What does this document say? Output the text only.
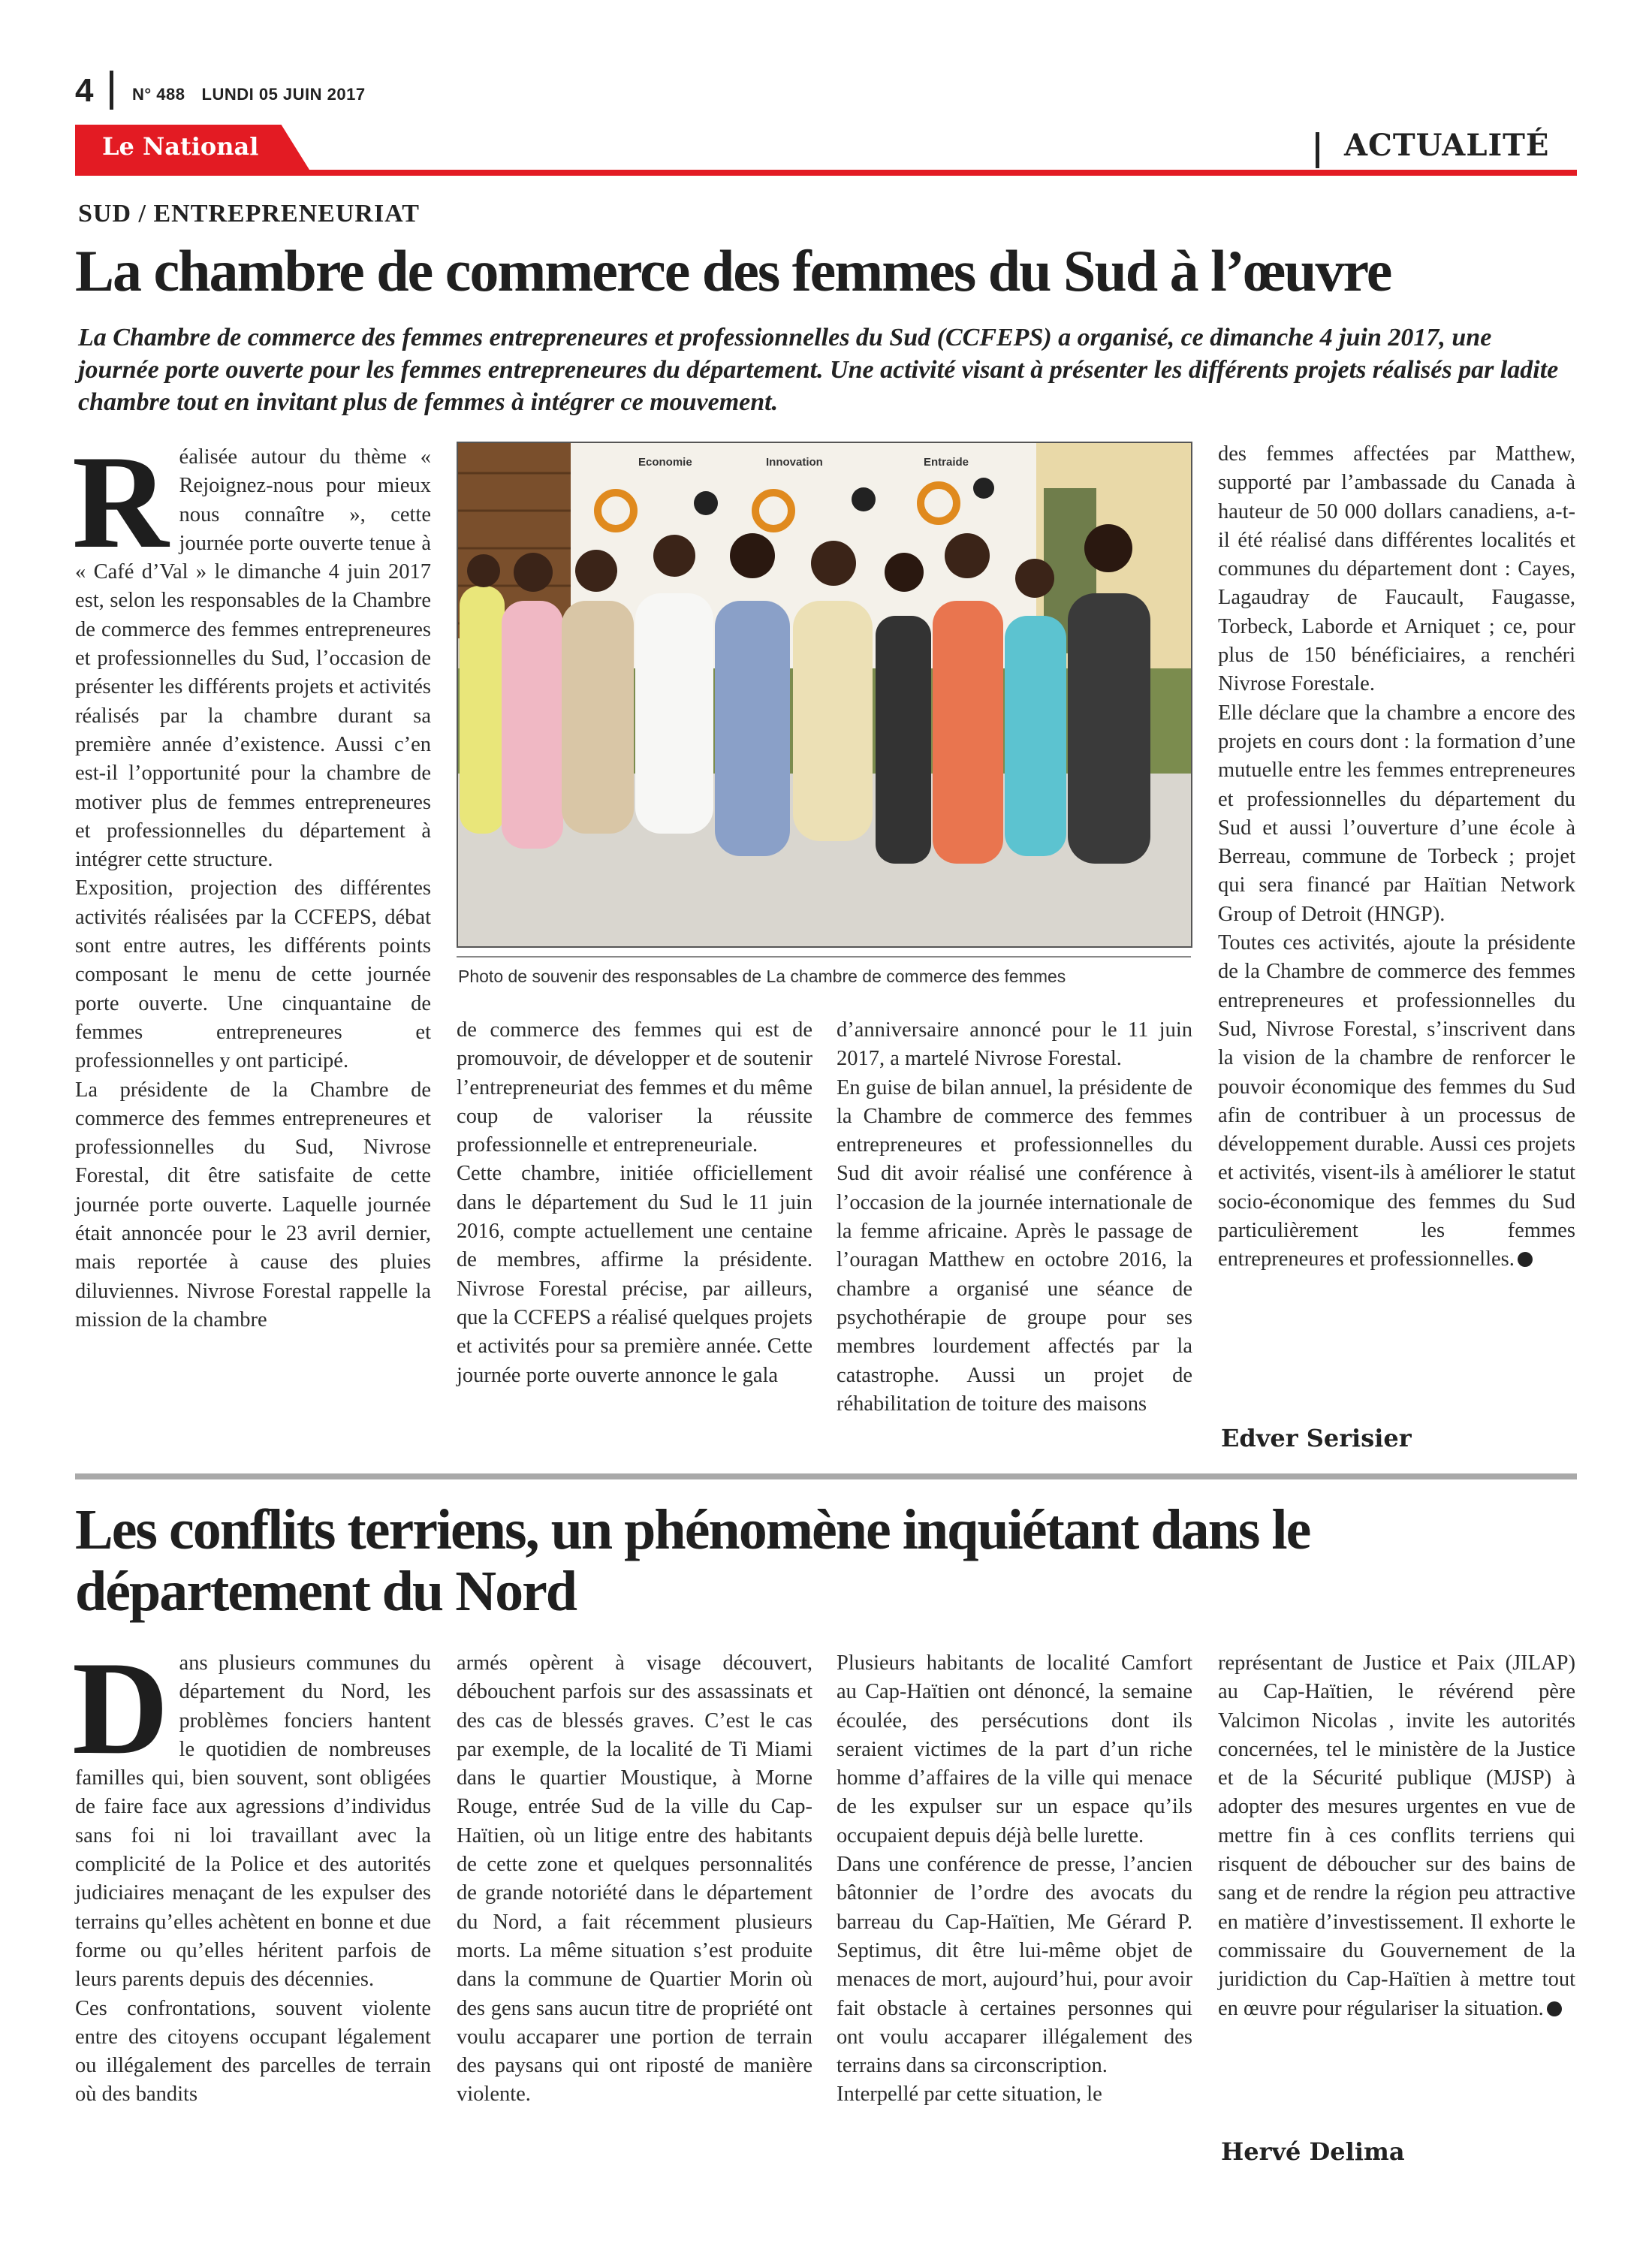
4 N° 488 LUNDI 05 JUIN 2017
Le National	ACTUALITÉ
SUD / ENTREPRENEURIAT
La chambre de commerce des femmes du Sud à l’œuvre
La Chambre de commerce des femmes entrepreneures et professionnelles du Sud (CCFEPS) a organisé, ce dimanche 4 juin 2017, une journée porte ouverte pour les femmes entrepreneures du département. Une activité visant à présenter les différents projets réalisés par ladite chambre tout en invitant plus de femmes à intégrer ce mouvement.
R éalisée autour du thème « Rejoignez-nous pour mieux nous connaître », cette journée porte ouverte tenue à « Café d’Val » le dimanche 4 juin 2017 est, selon les responsables de la Chambre de commerce des femmes entrepreneures et professionnelles du Sud, l’occasion de présenter les différents projets et activités réalisés par la chambre durant sa première année d’existence. Aussi c’en est-il l’opportunité pour la chambre de motiver plus de femmes entrepreneures et professionnelles du département à intégrer cette structure.

Exposition, projection des différentes activités réalisées par la CCFEPS, débat sont entre autres, les différents points composant le menu de cette journée porte ouverte. Une cinquantaine de femmes entrepreneures et professionnelles y ont participé.

La présidente de la Chambre de commerce des femmes entrepreneures et professionnelles du Sud, Nivrose Forestal, dit être satisfaite de cette journée porte ouverte. Laquelle journée était annoncée pour le 23 avril dernier, mais reportée à cause des pluies diluviennes. Nivrose Forestal rappelle la mission de la chambre

Economie	Innovation	Entraide
Photo de souvenir des responsables de La chambre de commerce des femmes

de commerce des femmes qui est de promouvoir, de développer et de soutenir l’entrepreneuriat des femmes et du même coup de valoriser la réussite professionnelle et entrepreneuriale.

Cette chambre, initiée officiellement dans le département du Sud le 11 juin 2016, compte actuellement une centaine de membres, affirme la présidente. Nivrose Forestal précise, par ailleurs, que la CCFEPS a réalisé quelques projets et activités pour sa première année. Cette journée porte ouverte annonce le gala

d’anniversaire annoncé pour le 11 juin 2017, a martelé Nivrose Forestal.

En guise de bilan annuel, la présidente de la Chambre de commerce des femmes entrepreneures et professionnelles du Sud dit avoir réalisé une conférence à l’occasion de la journée internationale de la femme africaine. Après le passage de l’ouragan Matthew en octobre 2016, la chambre a organisé une séance de psychothérapie de groupe pour ses membres lourdement affectés par la catastrophe. Aussi un projet de réhabilitation de toiture des maisons

des femmes affectées par Matthew, supporté par l’ambassade du Canada à hauteur de 50 000 dollars canadiens, a-t-il été réalisé dans différentes localités et communes du département dont : Cayes, Lagaudray de Faucault, Faugasse, Torbeck, Laborde et Arniquet ; ce, pour plus de 150 bénéficiaires, a renchéri Nivrose Forestale.

Elle déclare que la chambre a encore des projets en cours dont : la formation d’une mutuelle entre les femmes entrepreneures et professionnelles du département du Sud et aussi l’ouverture d’une école à Berreau, commune de Torbeck ; projet qui sera financé par Haïtian Network Group of Detroit (HNGP).

Toutes ces activités, ajoute la présidente de la Chambre de commerce des femmes entrepreneures et professionnelles du Sud, Nivrose Forestal, s’inscrivent dans la vision de la chambre de renforcer le pouvoir économique des femmes du Sud afin de contribuer à un processus de développement durable. Aussi ces projets et activités, visent-ils à améliorer le statut socio-économique des femmes du Sud particulièrement les femmes entrepreneures et professionnelles.

Edver Serisier
Les conflits terriens, un phénomène inquiétant dans le
département du Nord
D ans plusieurs communes du département du Nord, les problèmes fonciers hantent le quotidien de nombreuses familles qui, bien souvent, sont obligées de faire face aux agressions d’individus sans foi ni loi travaillant avec la complicité de la Police et des autorités judiciaires menaçant de les expulser des terrains qu’elles achètent en bonne et due forme ou qu’elles héritent parfois de leurs parents depuis des décennies.

Ces confrontations, souvent violente entre des citoyens occupant légalement ou illégalement des parcelles de terrain où des bandits

armés opèrent à visage découvert, débouchent parfois sur des assassinats et des cas de blessés graves. C’est le cas par exemple, de la localité de Ti Miami dans le quartier Moustique, à Morne Rouge, entrée Sud de la ville du Cap-Haïtien, où un litige entre des habitants de cette zone et quelques personnalités de grande notoriété dans le département du Nord, a fait récemment plusieurs morts. La même situation s’est produite dans la commune de Quartier Morin où des gens sans aucun titre de propriété ont voulu accaparer une portion de terrain des paysans qui ont riposté de manière violente.

Plusieurs habitants de localité Camfort au Cap-Haïtien ont dénoncé, la semaine écoulée, des persécutions dont ils seraient victimes de la part d’un riche homme d’affaires de la ville qui menace de les expulser sur un espace qu’ils occupaient depuis déjà belle lurette.

Dans une conférence de presse, l’ancien bâtonnier de l’ordre des avocats du barreau du Cap-Haïtien, Me Gérard P. Septimus, dit être lui-même objet de menaces de mort, aujourd’hui, pour avoir fait obstacle à certaines personnes qui ont voulu accaparer illégalement des terrains dans sa circonscription.

Interpellé par cette situation, le

représentant de Justice et Paix (JILAP) au Cap-Haïtien, le révérend père Valcimon Nicolas , invite les autorités concernées, tel le ministère de la Justice et de la Sécurité publique (MJSP) à adopter des mesures urgentes en vue de mettre fin à ces conflits terriens qui risquent de déboucher sur des bains de sang et de rendre la région peu attractive en matière d’investissement. Il exhorte le commissaire du Gouvernement de la juridiction du Cap-Haïtien à mettre tout en œuvre pour régulariser la situation.

Hervé Delima
